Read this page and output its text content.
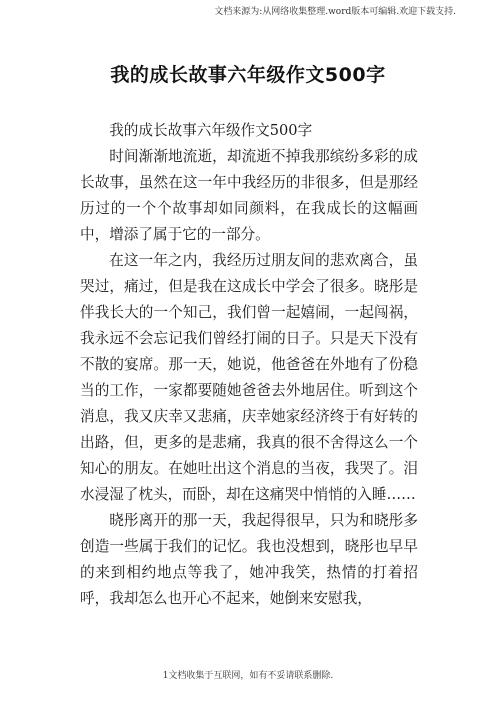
文档来源为:从网络收集整理.word版本可编辑.欢迎下载支持.
我的成长故事六年级作文500字

我的成长故事六年级作文500字

时间渐渐地流逝，却流逝不掉我那缤纷多彩的成长故事，虽然在这一年中我经历的非很多，但是那经历过的一个个故事却如同颜料，在我成长的这幅画中，增添了属于它的一部分。

在这一年之内，我经历过朋友间的悲欢离合，虽哭过，痛过，但是我在这成长中学会了很多。晓彤是伴我长大的一个知己，我们曾一起嬉闹，一起闯祸，我永远不会忘记我们曾经打闹的日子。只是天下没有不散的宴席。那一天，她说，他爸爸在外地有了份稳当的工作，一家都要随她爸爸去外地居住。听到这个消息，我又庆幸又悲痛，庆幸她家经济终于有好转的出路，但，更多的是悲痛，我真的很不舍得这么一个知心的朋友。在她吐出这个消息的当夜，我哭了。泪水浸湿了枕头，而卧，却在这痛哭中悄悄的入睡……

晓彤离开的那一天，我起得很早，只为和晓彤多创造一些属于我们的记忆。我也没想到，晓彤也早早的来到相约地点等我了，她冲我笑，热情的打着招呼，我却怎么也开心不起来，她倒来安慰我，

1文档收集于互联网，如有不妥请联系删除.
